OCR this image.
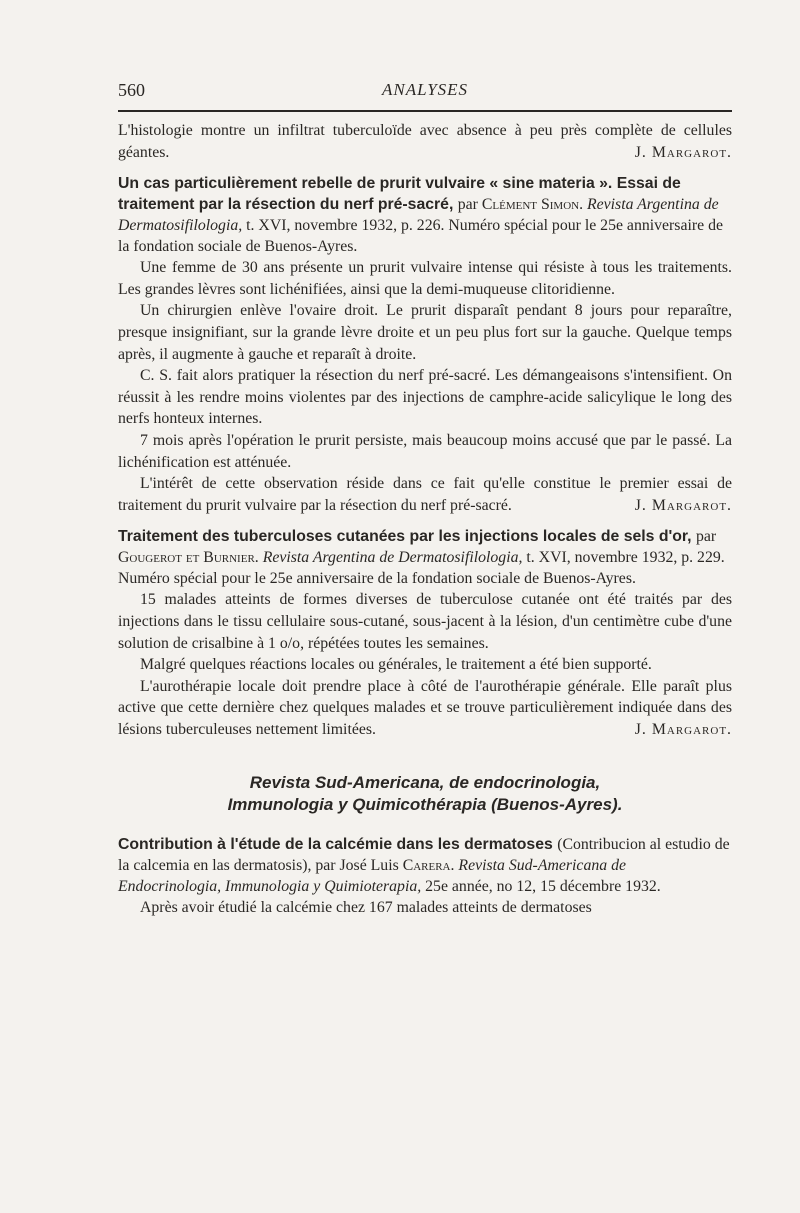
560	ANALYSES

L'histologie montre un infiltrat tuberculoïde avec absence à peu près complète de cellules géantes.	J. Margarot.

Un cas particulièrement rebelle de prurit vulvaire « sine materia ». Essai de traitement par la résection du nerf pré-sacré, par Clément Simon. Revista Argentina de Dermatosifilologia, t. XVI, novembre 1932, p. 226. Numéro spécial pour le 25e anniversaire de la fondation sociale de Buenos-Ayres.

Une femme de 30 ans présente un prurit vulvaire intense qui résiste à tous les traitements. Les grandes lèvres sont lichénifiées, ainsi que la demi-muqueuse clitoridienne.

Un chirurgien enlève l'ovaire droit. Le prurit disparaît pendant 8 jours pour reparaître, presque insignifiant, sur la grande lèvre droite et un peu plus fort sur la gauche. Quelque temps après, il augmente à gauche et reparaît à droite.

C. S. fait alors pratiquer la résection du nerf pré-sacré. Les démangeaisons s'intensifient. On réussit à les rendre moins violentes par des injections de camphre-acide salicylique le long des nerfs honteux internes.

7 mois après l'opération le prurit persiste, mais beaucoup moins accusé que par le passé. La lichénification est atténuée.

L'intérêt de cette observation réside dans ce fait qu'elle constitue le premier essai de traitement du prurit vulvaire par la résection du nerf pré-sacré.	J. Margarot.

Traitement des tuberculoses cutanées par les injections locales de sels d'or, par Gougerot et Burnier. Revista Argentina de Dermatosifilologia, t. XVI, novembre 1932, p. 229. Numéro spécial pour le 25e anniversaire de la fondation sociale de Buenos-Ayres.

15 malades atteints de formes diverses de tuberculose cutanée ont été traités par des injections dans le tissu cellulaire sous-cutané, sous-jacent à la lésion, d'un centimètre cube d'une solution de crisalbine à 1 o/o, répétées toutes les semaines.

Malgré quelques réactions locales ou générales, le traitement a été bien supporté.

L'aurothérapie locale doit prendre place à côté de l'aurothérapie générale. Elle paraît plus active que cette dernière chez quelques malades et se trouve particulièrement indiquée dans des lésions tuberculeuses nettement limitées.	J. Margarot.

Revista Sud-Americana, de endocrinologia,
Immunologia y Quimicothérapia (Buenos-Ayres).
Contribution à l'étude de la calcémie dans les dermatoses (Contribucion al estudio de la calcemia en las dermatosis), par José Luis Carera. Revista Sud-Americana de Endocrinologia, Immunologia y Quimioterapia, 25e année, no 12, 15 décembre 1932.

Après avoir étudié la calcémie chez 167 malades atteints de dermatoses
